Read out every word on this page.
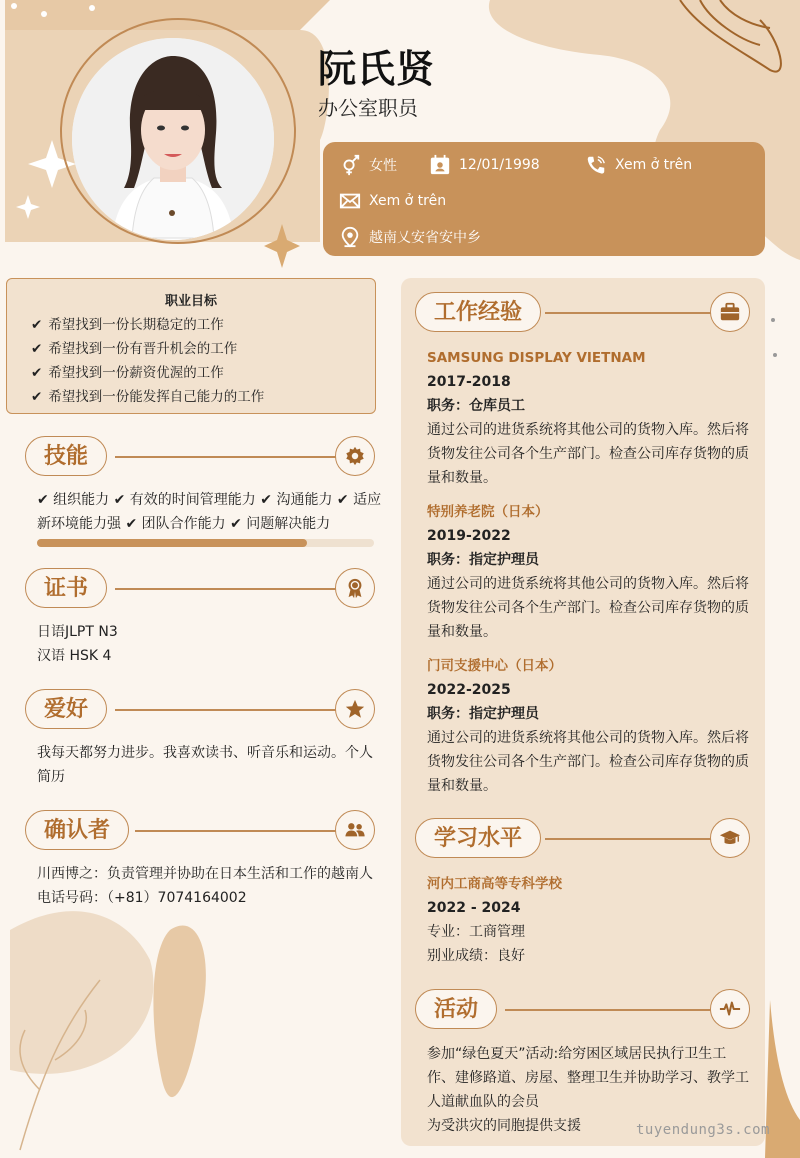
阮氏贤
办公室职员
女性	12/01/1998	Xem ở trên
Xem ở trên
越南乂安省安中乡
职业目标
✔ 希望找到一份长期稳定的工作
✔ 希望找到一份有晋升机会的工作
✔ 希望找到一份薪资优渥的工作
✔ 希望找到一份能发挥自己能力的工作
技能
✔ 组织能力 ✔ 有效的时间管理能力 ✔ 沟通能力 ✔ 适应
新环境能力强 ✔ 团队合作能力 ✔ 问题解决能力
证书
日语JLPT N3
汉语 HSK 4
爱好
我每天都努力进步。我喜欢读书、听音乐和运动。个人
简历
确认者
川西博之：负责管理并协助在日本生活和工作的越南人
电话号码：（+81）7074164002
工作经验
SAMSUNG DISPLAY VIETNAM
2017-2018
职务：仓库员工
通过公司的进货系统将其他公司的货物入库。然后将
货物发往公司各个生产部门。检查公司库存货物的质
量和数量。
特别养老院（日本）
2019-2022
职务：指定护理员
通过公司的进货系统将其他公司的货物入库。然后将
货物发往公司各个生产部门。检查公司库存货物的质
量和数量。
门司支援中心（日本）
2022-2025
职务：指定护理员
通过公司的进货系统将其他公司的货物入库。然后将
货物发往公司各个生产部门。检查公司库存货物的质
量和数量。
学习水平
河内工商高等专科学校
2022 - 2024
专业：工商管理
别业成绩：良好
活动
参加“绿色夏天”活动:给穷困区域居民执行卫生工
作、建修路道、房屋、整理卫生并协助学习、教学工
人道献血队的会员
为受洪灾的同胞提供支援	tuyendung3s.com
